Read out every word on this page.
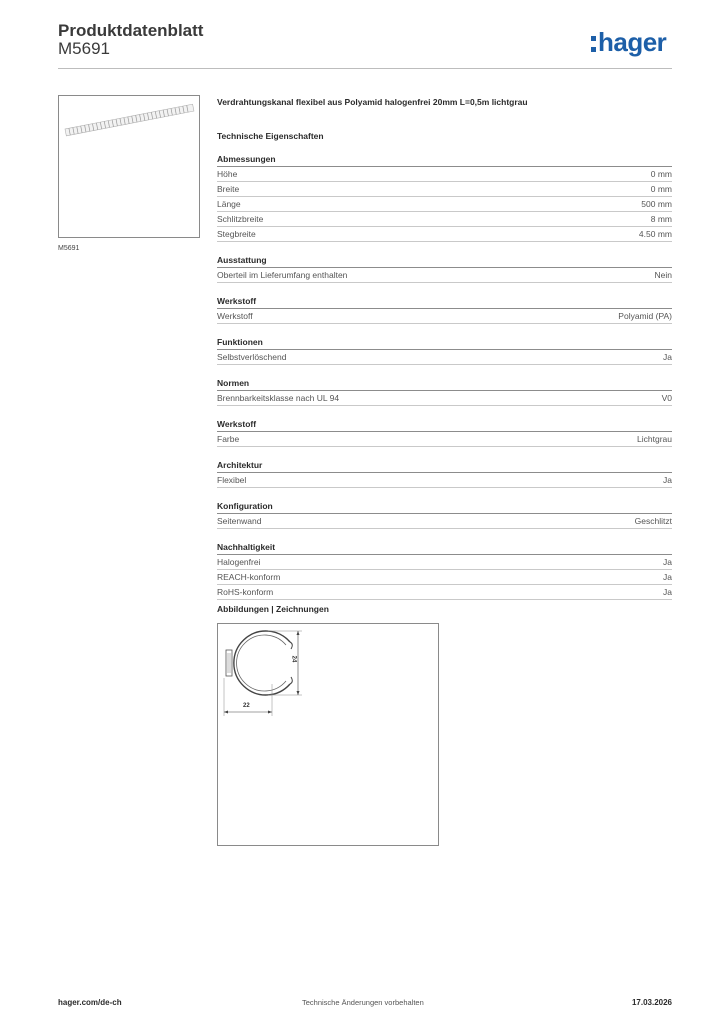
Produktdatenblatt
M5691	hager
M5691
Verdrahtungskanal flexibel aus Polyamid halogenfrei 20mm L=0,5m lichtgrau
Technische Eigenschaften
Abmessungen
Höhe	0 mm
Breite	0 mm
Länge	500 mm
Schlitzbreite	8 mm
Stegbreite	4.50 mm
Ausstattung
Oberteil im Lieferumfang enthalten	Nein
Werkstoff
Werkstoff	Polyamid (PA)
Funktionen
Selbstverlöschend	Ja
Normen
Brennbarkeitsklasse nach UL 94	V0
Werkstoff
Farbe	Lichtgrau
Architektur
Flexibel	Ja
Konfiguration
Seitenwand	Geschlitzt
Nachhaltigkeit
Halogenfrei	Ja
REACH-konform	Ja
RoHS-konform	Ja
Abbildungen | Zeichnungen
24
22
hager.com/de-ch	Technische Änderungen vorbehalten	17.03.2026
